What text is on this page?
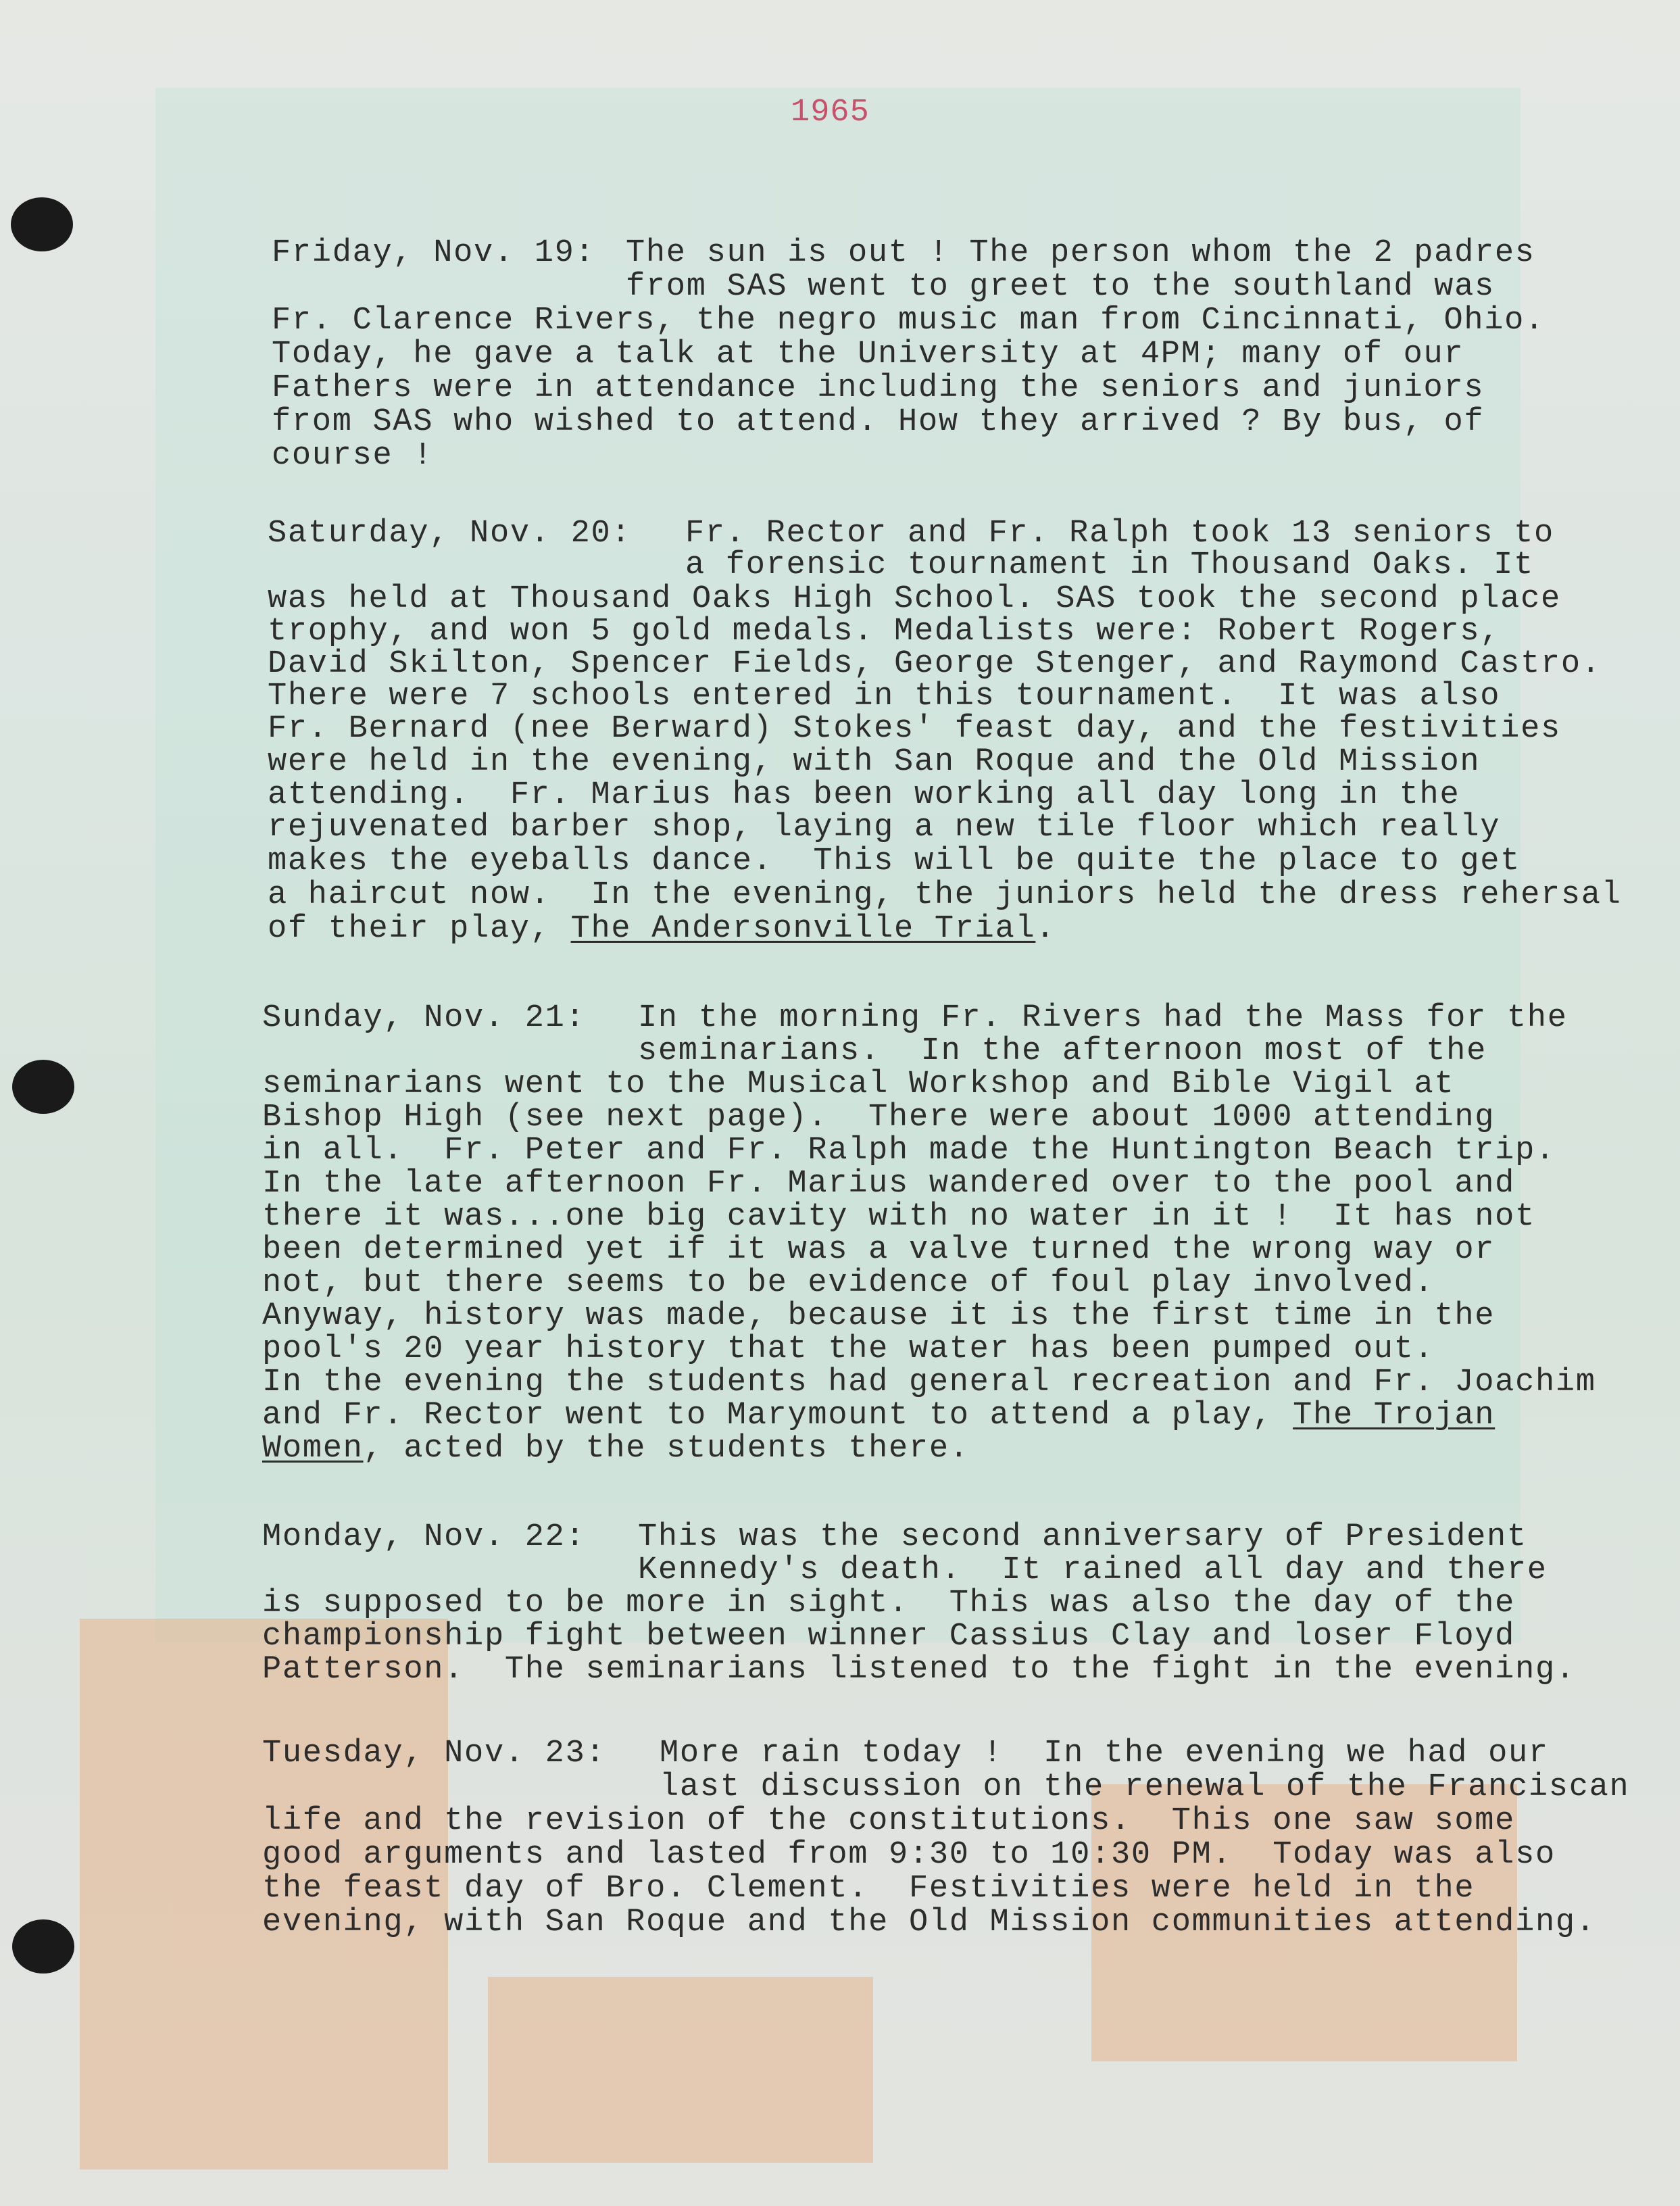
1965
Friday, Nov. 19: The sun is out ! The person whom the 2 padres
from SAS went to greet to the southland was
Fr. Clarence Rivers, the negro music man from Cincinnati, Ohio.
Today, he gave a talk at the University at 4PM; many of our
Fathers were in attendance including the seniors and juniors
from SAS who wished to attend. How they arrived ? By bus, of
course !
Saturday, Nov. 20: Fr. Rector and Fr. Ralph took 13 seniors to
a forensic tournament in Thousand Oaks. It
was held at Thousand Oaks High School. SAS took the second place
trophy, and won 5 gold medals. Medalists were: Robert Rogers,
David Skilton, Spencer Fields, George Stenger, and Raymond Castro.
There were 7 schools entered in this tournament.  It was also
Fr. Bernard (nee Berward) Stokes' feast day, and the festivities
were held in the evening, with San Roque and the Old Mission
attending.  Fr. Marius has been working all day long in the
rejuvenated barber shop, laying a new tile floor which really
makes the eyeballs dance.  This will be quite the place to get
a haircut now.  In the evening, the juniors held the dress rehersal
of their play, The Andersonville Trial.
Sunday, Nov. 21: In the morning Fr. Rivers had the Mass for the
seminarians.  In the afternoon most of the
seminarians went to the Musical Workshop and Bible Vigil at
Bishop High (see next page).  There were about 1000 attending
in all.  Fr. Peter and Fr. Ralph made the Huntington Beach trip.
In the late afternoon Fr. Marius wandered over to the pool and
there it was...one big cavity with no water in it !  It has not
been determined yet if it was a valve turned the wrong way or
not, but there seems to be evidence of foul play involved.
Anyway, history was made, because it is the first time in the
pool's 20 year history that the water has been pumped out.
In the evening the students had general recreation and Fr. Joachim
and Fr. Rector went to Marymount to attend a play, The Trojan
Women, acted by the students there.
Monday, Nov. 22: This was the second anniversary of President
Kennedy's death.  It rained all day and there
is supposed to be more in sight.  This was also the day of the
championship fight between winner Cassius Clay and loser Floyd
Patterson.  The seminarians listened to the fight in the evening.
Tuesday, Nov. 23: More rain today !  In the evening we had our
last discussion on the renewal of the Franciscan
life and the revision of the constitutions.  This one saw some
good arguments and lasted from 9:30 to 10:30 PM.  Today was also
the feast day of Bro. Clement.  Festivities were held in the
evening, with San Roque and the Old Mission communities attending.
